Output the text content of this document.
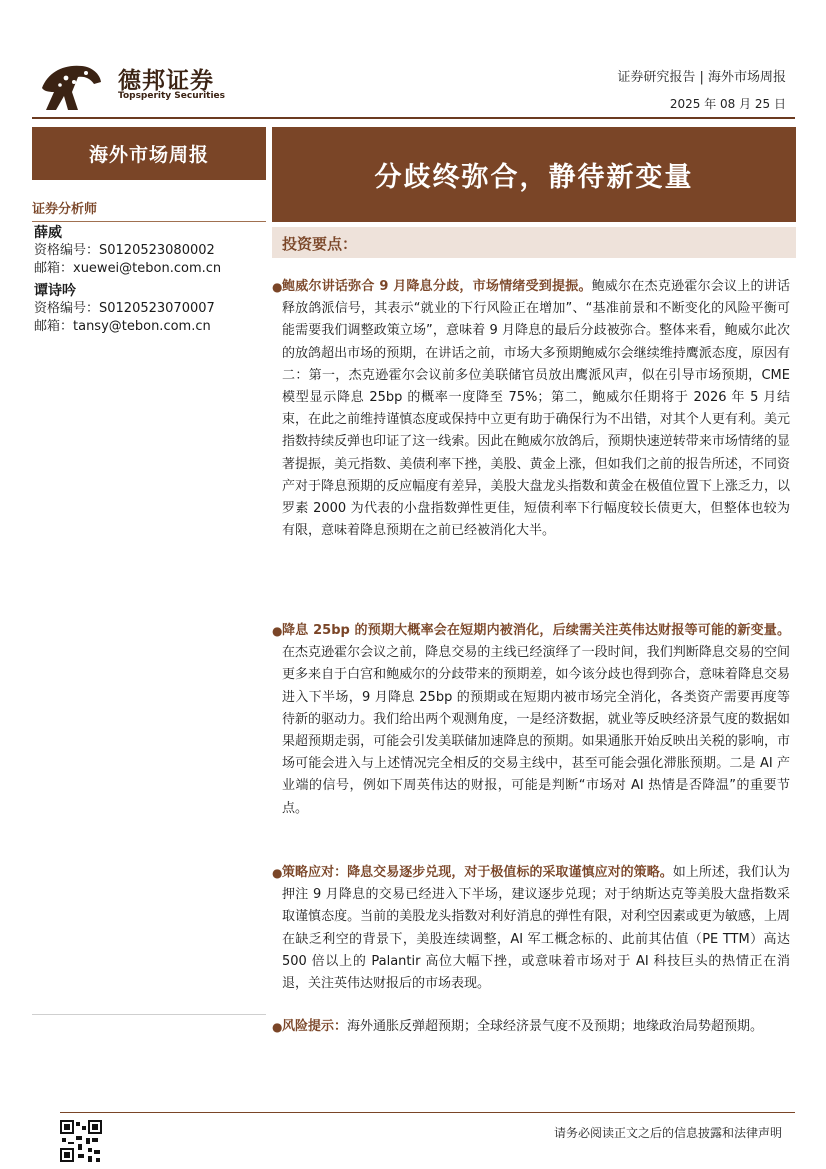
德邦证券
Topsperity Securities
证券研究报告 | 海外市场周报
2025 年 08 月 25 日
海外市场周报
证券分析师
薛威
资格编号：S0120523080002
邮箱：xuewei@tebon.com.cn
谭诗吟
资格编号：S0120523070007
邮箱：tansy@tebon.com.cn
分歧终弥合，静待新变量
投资要点：
● 鲍威尔讲话弥合 9 月降息分歧，市场情绪受到提振。鲍威尔在杰克逊霍尔会议上的讲话释放鸽派信号，其表示“就业的下行风险正在增加”、“基准前景和不断变化的风险平衡可能需要我们调整政策立场”，意味着 9 月降息的最后分歧被弥合。整体来看，鲍威尔此次的放鸽超出市场的预期，在讲话之前，市场大多预期鲍威尔会继续维持鹰派态度，原因有二：第一，杰克逊霍尔会议前多位美联储官员放出鹰派风声，似在引导市场预期，CME 模型显示降息 25bp 的概率一度降至 75%；第二，鲍威尔任期将于 2026 年 5 月结束，在此之前维持谨慎态度或保持中立更有助于确保行为不出错，对其个人更有利。美元指数持续反弹也印证了这一线索。因此在鲍威尔放鸽后，预期快速逆转带来市场情绪的显著提振，美元指数、美债利率下挫，美股、黄金上涨，但如我们之前的报告所述，不同资产对于降息预期的反应幅度有差异，美股大盘龙头指数和黄金在极值位置下上涨乏力，以罗素 2000 为代表的小盘指数弹性更佳，短债利率下行幅度较长债更大，但整体也较为有限，意味着降息预期在之前已经被消化大半。
● 降息 25bp 的预期大概率会在短期内被消化，后续需关注英伟达财报等可能的新变量。在杰克逊霍尔会议之前，降息交易的主线已经演绎了一段时间，我们判断降息交易的空间更多来自于白宫和鲍威尔的分歧带来的预期差，如今该分歧也得到弥合，意味着降息交易进入下半场，9 月降息 25bp 的预期或在短期内被市场完全消化，各类资产需要再度等待新的驱动力。我们给出两个观测角度，一是经济数据，就业等反映经济景气度的数据如果超预期走弱，可能会引发美联储加速降息的预期。如果通胀开始反映出关税的影响，市场可能会进入与上述情况完全相反的交易主线中，甚至可能会强化滞胀预期。二是 AI 产业端的信号，例如下周英伟达的财报，可能是判断“市场对 AI 热情是否降温”的重要节点。
● 策略应对：降息交易逐步兑现，对于极值标的采取谨慎应对的策略。如上所述，我们认为押注 9 月降息的交易已经进入下半场，建议逐步兑现；对于纳斯达克等美股大盘指数采取谨慎态度。当前的美股龙头指数对利好消息的弹性有限，对利空因素或更为敏感，上周在缺乏利空的背景下，美股连续调整，AI 军工概念标的、此前其估值（PE TTM）高达 500 倍以上的 Palantir 高位大幅下挫，或意味着市场对于 AI 科技巨头的热情正在消退，关注英伟达财报后的市场表现。
● 风险提示：海外通胀反弹超预期；全球经济景气度不及预期；地缘政治局势超预期。
请务必阅读正文之后的信息披露和法律声明
